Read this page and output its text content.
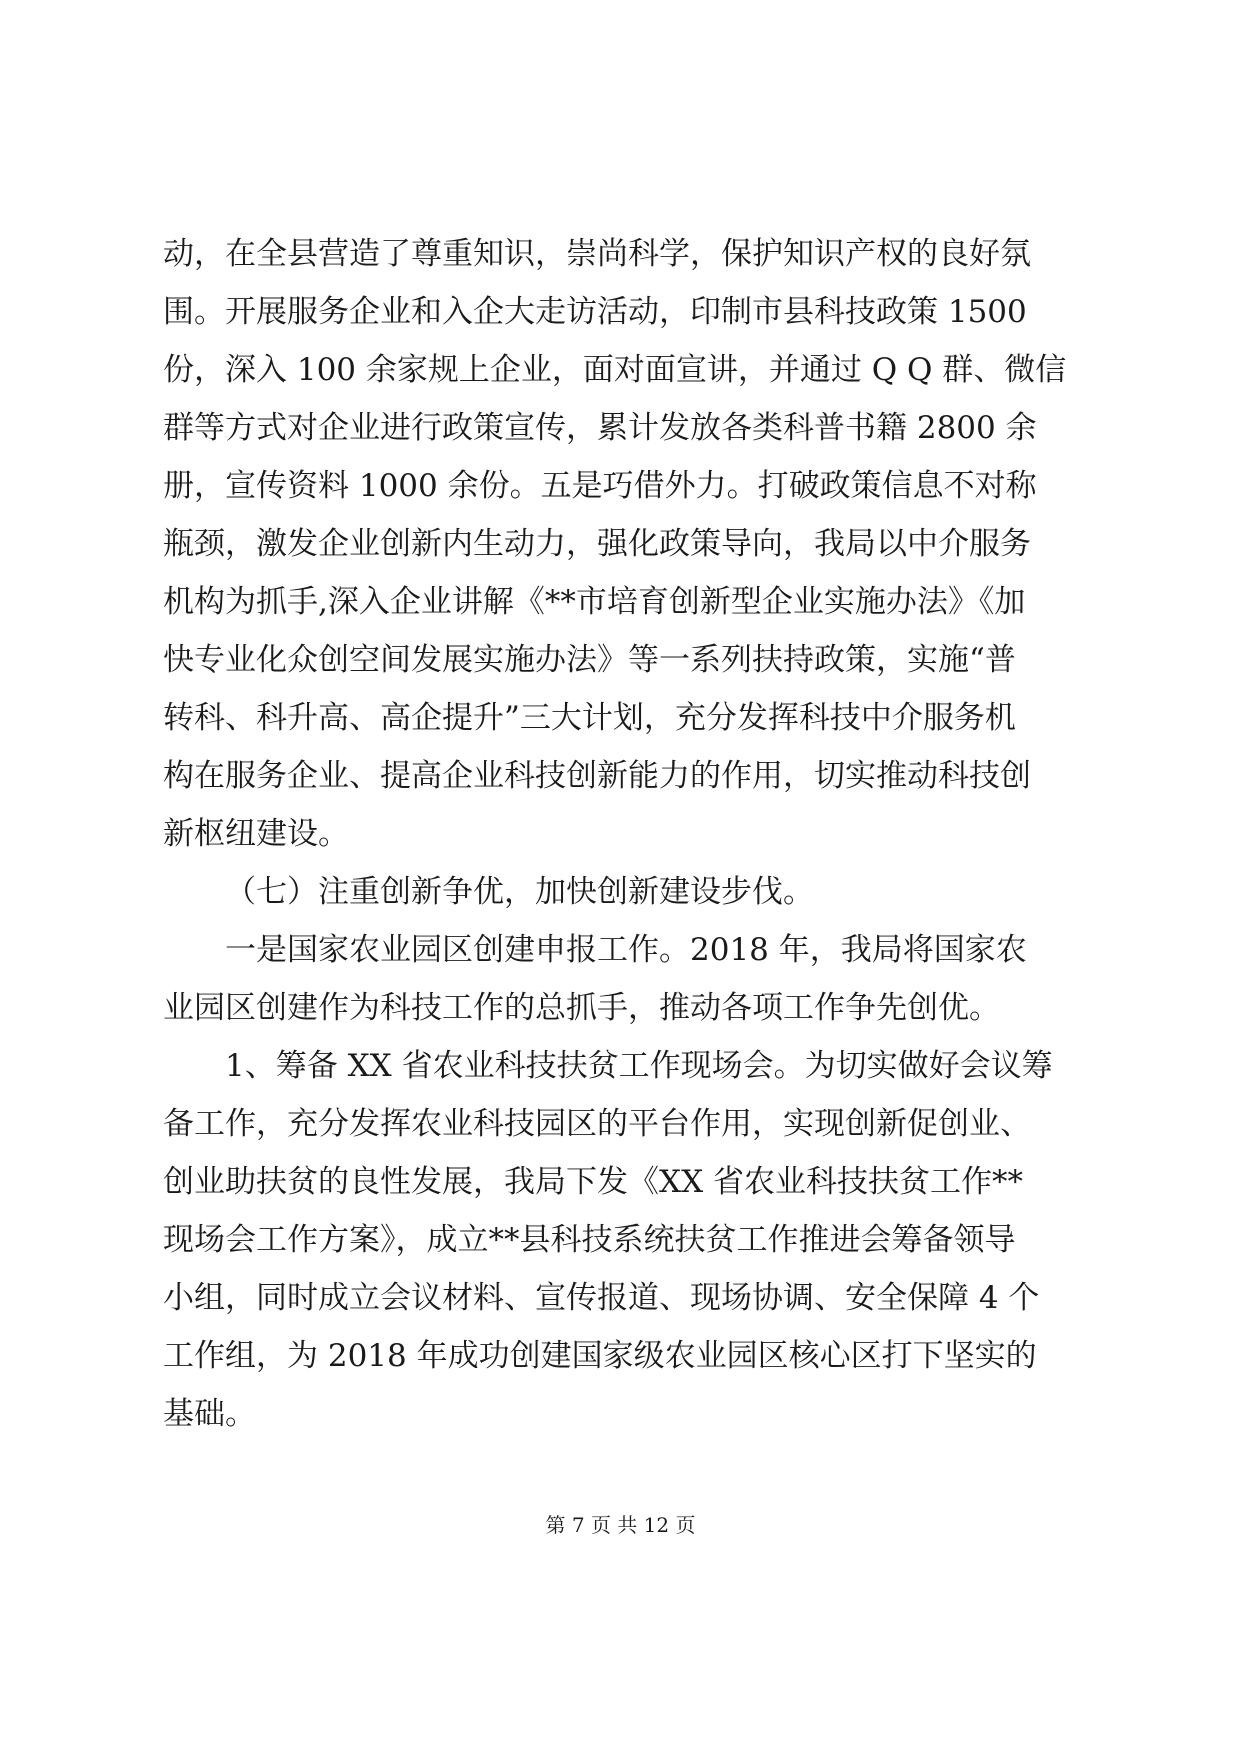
动，在全县营造了尊重知识，崇尚科学，保护知识产权的良好氛
围。开展服务企业和入企大走访活动，印制市县科技政策 1500
份，深入 100 余家规上企业，面对面宣讲，并通过 Q Q 群、微信
群等方式对企业进行政策宣传，累计发放各类科普书籍 2800 余
册，宣传资料 1000 余份。五是巧借外力。打破政策信息不对称
瓶颈，激发企业创新内生动力，强化政策导向，我局以中介服务
机构为抓手,深入企业讲解《**市培育创新型企业实施办法》《加
快专业化众创空间发展实施办法》等一系列扶持政策，实施“普
转科、科升高、高企提升”三大计划，充分发挥科技中介服务机
构在服务企业、提高企业科技创新能力的作用，切实推动科技创
新枢纽建设。
（七）注重创新争优，加快创新建设步伐。
一是国家农业园区创建申报工作。2018 年，我局将国家农
业园区创建作为科技工作的总抓手，推动各项工作争先创优。
1、筹备 XX 省农业科技扶贫工作现场会。为切实做好会议筹
备工作，充分发挥农业科技园区的平台作用，实现创新促创业、
创业助扶贫的良性发展，我局下发《XX 省农业科技扶贫工作**
现场会工作方案》，成立**县科技系统扶贫工作推进会筹备领导
小组，同时成立会议材料、宣传报道、现场协调、安全保障 4 个
工作组，为 2018 年成功创建国家级农业园区核心区打下坚实的
基础。
第 7 页 共 12 页
